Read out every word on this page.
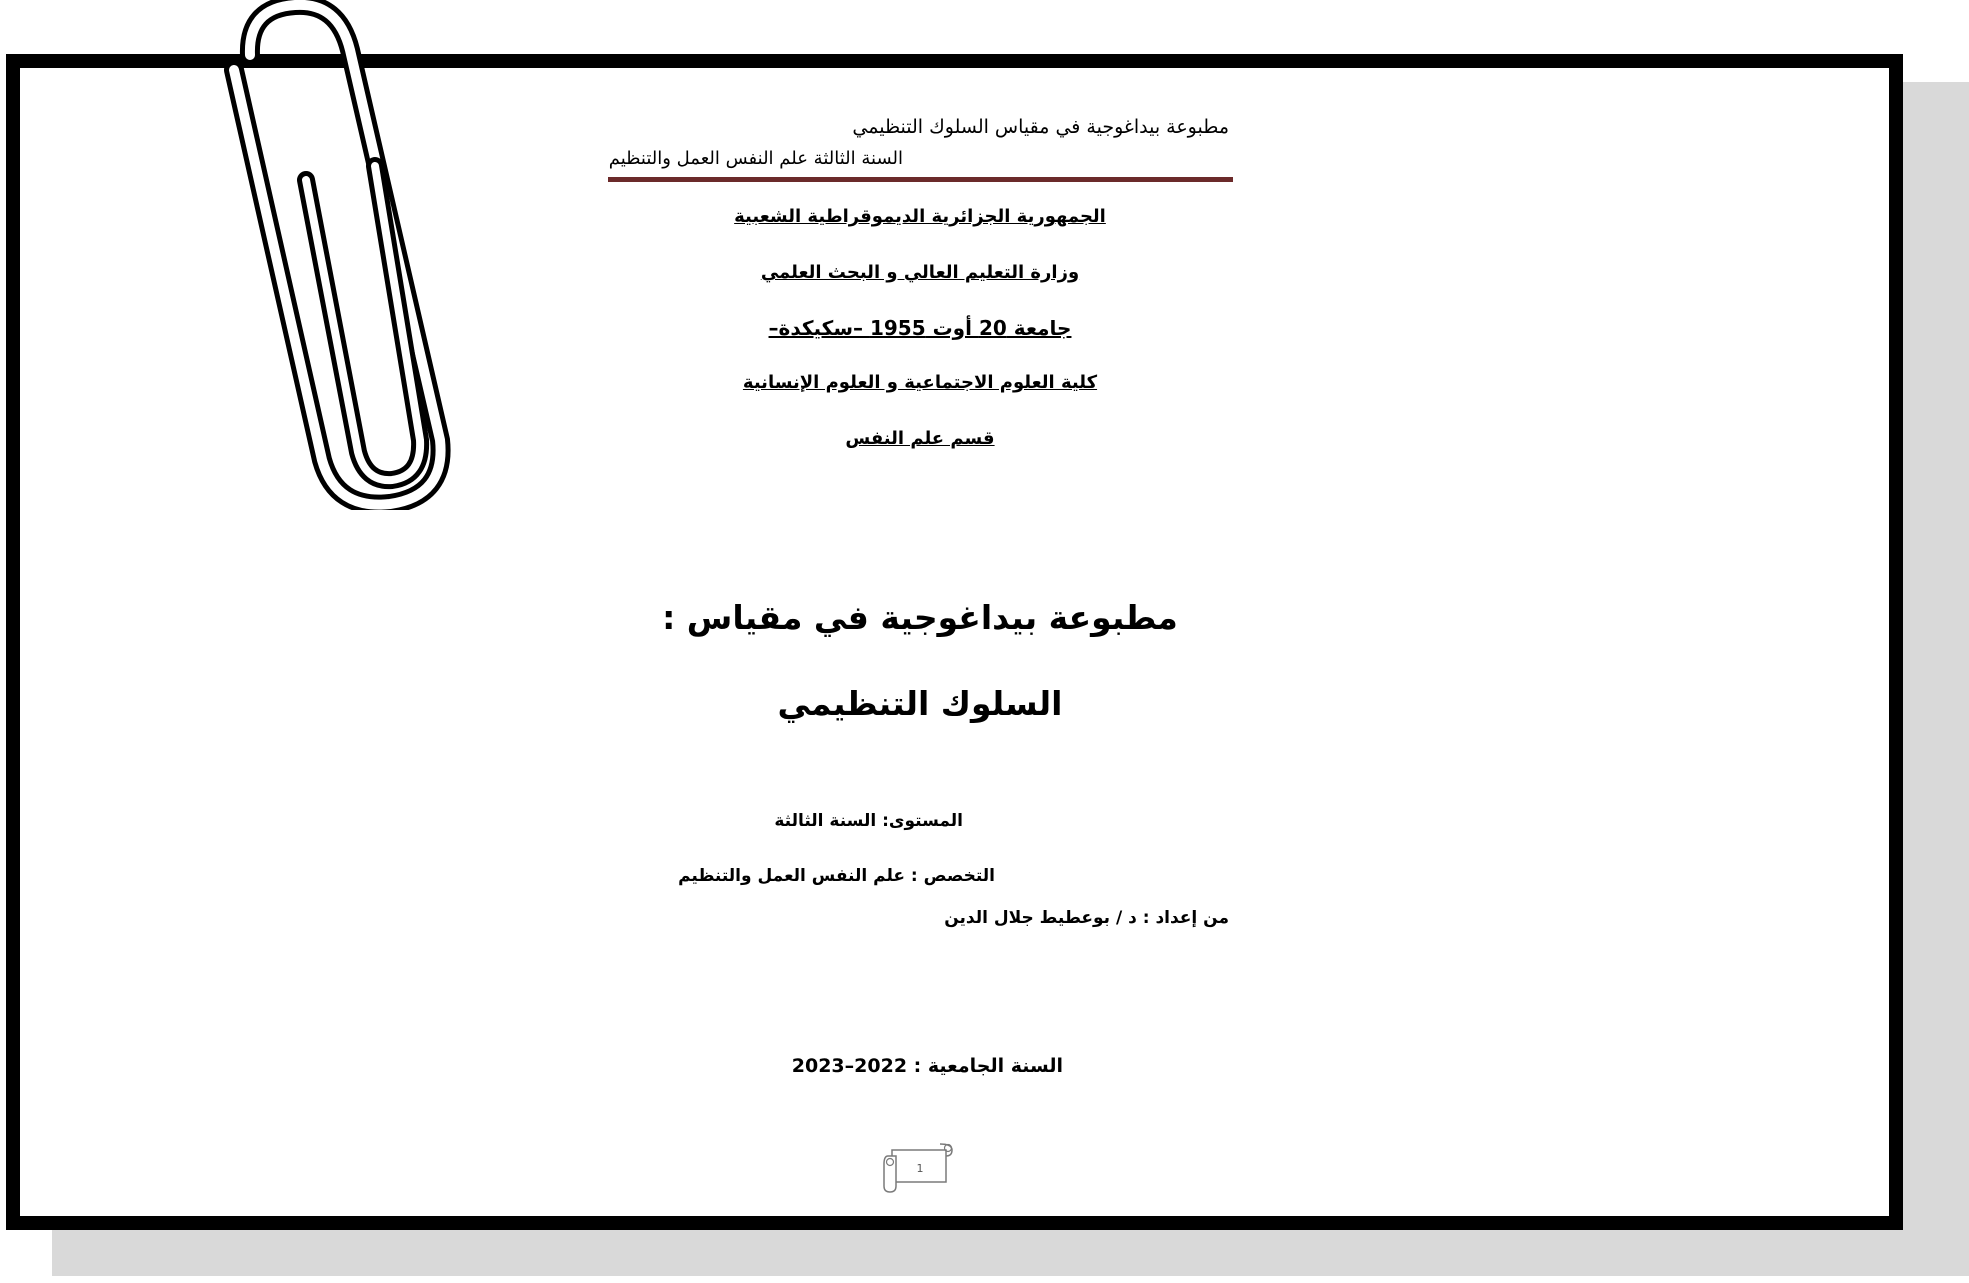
مطبوعة بيداغوجية في مقياس السلوك التنظيمي
السنة الثالثة علم النفس العمل والتنظيم
الجمهورية الجزائرية الديموقراطية الشعبية
وزارة التعليم العالي و البحث العلمي
جامعة 20 أوت 1955 –سكيكدة–
كلية العلوم الاجتماعية و العلوم الإنسانية
قسم علم النفس
مطبوعة بيداغوجية في مقياس :
السلوك التنظيمي
المستوى: السنة الثالثة
التخصص : علم النفس العمل والتنظيم
من إعداد : د / بوعطيط جلال الدين
السنة الجامعية : 2022–2023
1
